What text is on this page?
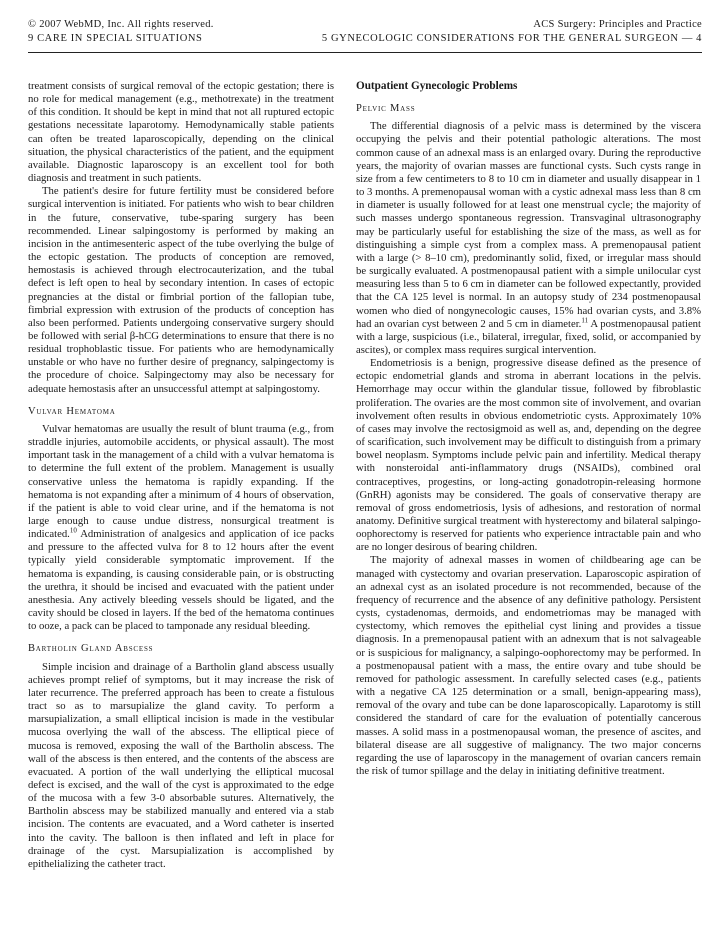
© 2007 WebMD, Inc. All rights reserved.	ACS Surgery: Principles and Practice
9 CARE IN SPECIAL SITUATIONS	5 GYNECOLOGIC CONSIDERATIONS FOR THE GENERAL SURGEON — 4

treatment consists of surgical removal of the ectopic gestation; there is no role for medical management (e.g., methotrexate) in the treatment of this condition. It should be kept in mind that not all ruptured ectopic gestations necessitate laparotomy. Hemodynamically stable patients can often be treated laparoscopically, depending on the clinical situation, the physical characteristics of the patient, and the equipment available. Diagnostic laparoscopy is an excellent tool for both diagnosis and treatment in such patients.

The patient's desire for future fertility must be considered before surgical intervention is initiated. For patients who wish to bear children in the future, conservative, tube-sparing surgery has been recommended. Linear salpingostomy is performed by making an incision in the antimesenteric aspect of the tube overlying the bulge of the ectopic gestation. The products of conception are removed, hemostasis is achieved through electrocauterization, and the tubal defect is left open to heal by secondary intention. In cases of ectopic pregnancies at the distal or fimbrial portion of the fallopian tube, fimbrial expression with extrusion of the products of conception has also been performed. Patients undergoing conservative surgery should be followed with serial β-hCG determinations to ensure that there is no residual trophoblastic tissue. For patients who are hemodynamically unstable or who have no further desire of pregnancy, salpingectomy is the procedure of choice. Salpingectomy may also be necessary for adequate hemostasis after an unsuccessful attempt at salpingostomy.

Vulvar Hematoma

Vulvar hematomas are usually the result of blunt trauma (e.g., from straddle injuries, automobile accidents, or physical assault). The most important task in the management of a child with a vulvar hematoma is to determine the full extent of the problem. Management is usually conservative unless the hematoma is rapidly expanding. If the hematoma is not expanding after a minimum of 4 hours of observation, if the patient is able to void clear urine, and if the hematoma is not large enough to cause undue distress, nonsurgical treatment is indicated.$^{10}$ Administration of analgesics and application of ice packs and pressure to the affected vulva for 8 to 12 hours after the event typically yield considerable symptomatic improvement. If the hematoma is expanding, is causing considerable pain, or is obstructing the urethra, it should be incised and evacuated with the patient under anesthesia. Any actively bleeding vessels should be ligated, and the cavity should be closed in layers. If the bed of the hematoma continues to ooze, a pack can be placed to tamponade any residual bleeding.

Bartholin Gland Abscess

Simple incision and drainage of a Bartholin gland abscess usually achieves prompt relief of symptoms, but it may increase the risk of later recurrence. The preferred approach has been to create a fistulous tract so as to marsupialize the gland cavity. To perform a marsupialization, a small elliptical incision is made in the vestibular mucosa overlying the wall of the abscess. The elliptical piece of mucosa is removed, exposing the wall of the Bartholin abscess. The wall of the abscess is then entered, and the contents of the abscess are evacuated. A portion of the wall underlying the elliptical mucosal defect is excised, and the wall of the cyst is approximated to the edge of the mucosa with a few 3-0 absorbable sutures. Alternatively, the Bartholin abscess may be stabilized manually and entered via a stab incision. The contents are evacuated, and a Word catheter is inserted into the cavity. The balloon is then inflated and left in place for drainage of the cyst. Marsupialization is accomplished by epithelializing the catheter tract.

Outpatient Gynecologic Problems
Pelvic Mass

The differential diagnosis of a pelvic mass is determined by the viscera occupying the pelvis and their potential pathologic alterations. The most common cause of an adnexal mass is an enlarged ovary. During the reproductive years, the majority of ovarian masses are functional cysts. Such cysts range in size from a few centimeters to 8 to 10 cm in diameter and usually disappear in 1 to 3 months. A premenopausal woman with a cystic adnexal mass less than 8 cm in diameter is usually followed for at least one menstrual cycle; the majority of such masses undergo spontaneous regression. Transvaginal ultrasonography may be particularly useful for establishing the size of the mass, as well as for distinguishing a simple cyst from a complex mass. A premenopausal patient with a large (> 8–10 cm), predominantly solid, fixed, or irregular mass should be surgically evaluated. A postmenopausal patient with a simple unilocular cyst measuring less than 5 to 6 cm in diameter can be followed expectantly, provided that the CA 125 level is normal. In an autopsy study of 234 postmenopausal women who died of nongynecologic causes, 15% had ovarian cysts, and 3.8% had an ovarian cyst between 2 and 5 cm in diameter.$^{11}$ A postmenopausal patient with a large, suspicious (i.e., bilateral, irregular, fixed, solid, or accompanied by ascites), or complex mass requires surgical intervention.

Endometriosis is a benign, progressive disease defined as the presence of ectopic endometrial glands and stroma in aberrant locations in the pelvis. Hemorrhage may occur within the glandular tissue, followed by fibroblastic proliferation. The ovaries are the most common site of involvement, and ovarian involvement often results in obvious endometriotic cysts. Approximately 10% of cases may involve the rectosigmoid as well as, and, depending on the degree of scarification, such involvement may be difficult to distinguish from a primary bowel neoplasm. Symptoms include pelvic pain and infertility. Medical therapy with nonsteroidal anti-inflammatory drugs (NSAIDs), combined oral contraceptives, progestins, or long-acting gonadotropin-releasing hormone (GnRH) agonists may be considered. The goals of conservative therapy are removal of gross endometriosis, lysis of adhesions, and restoration of normal anatomy. Definitive surgical treatment with hysterectomy and bilateral salpingo-oophorectomy is reserved for patients who experience intractable pain and who are no longer desirous of bearing children.

The majority of adnexal masses in women of childbearing age can be managed with cystectomy and ovarian preservation. Laparoscopic aspiration of an adnexal cyst as an isolated procedure is not recommended, because of the frequency of recurrence and the absence of any definitive pathology. Persistent cysts, cystadenomas, dermoids, and endometriomas may be managed with cystectomy, which removes the epithelial cyst lining and provides a tissue diagnosis. In a premenopausal patient with an adnexum that is not salvageable or is suspicious for malignancy, a salpingo-oophorectomy may be performed. In a postmenopausal patient with a mass, the entire ovary and tube should be removed for pathologic assessment. In carefully selected cases (e.g., patients with a negative CA 125 determination or a small, benign-appearing mass), removal of the ovary and tube can be done laparoscopically. Laparotomy is still considered the standard of care for the evaluation of potentially cancerous masses. A solid mass in a postmenopausal woman, the presence of ascites, and bilateral disease are all suggestive of malignancy. The two major concerns regarding the use of laparoscopy in the management of ovarian cancers remain the risk of tumor spillage and the delay in initiating definitive treatment.
